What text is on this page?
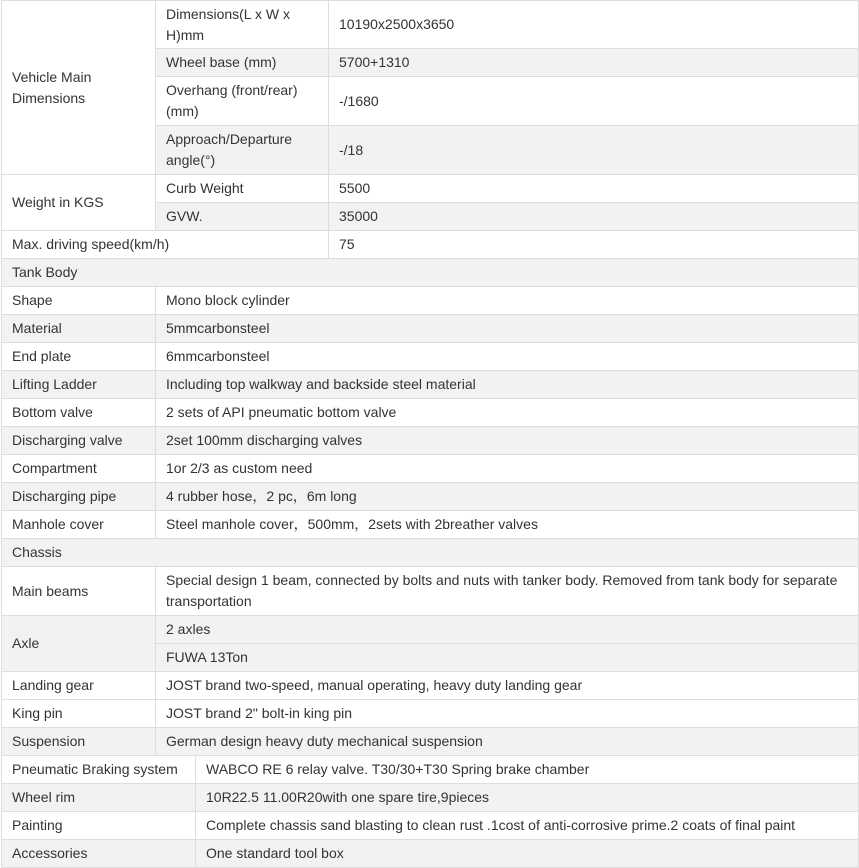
Vehicle Main Dimensions	Dimensions(L x W x H)mm		10190x2500x3650
	Wheel base (mm)		5700+1310
	Overhang (front/rear) (mm)		-/1680
	Approach/Departure angle(°)		-/18
Weight in KGS	Curb Weight		5500
	GVW.		35000
Max. driving speed(km/h)			75
Tank Body			
Shape	Mono block cylinder		
Material	5mmcarbonsteel		
End plate	6mmcarbonsteel		
Lifting Ladder	Including top walkway and backside steel material		
Bottom valve	2 sets of API pneumatic bottom valve		
Discharging valve	2set 100mm discharging valves		
Compartment	1or 2/3 as custom need		
Discharging pipe	4 rubber hose，2 pc，6m long		
Manhole cover	Steel manhole cover，500mm，2sets with 2breather valves		
Chassis			
Main beams	Special design 1 beam, connected by bolts and nuts with tanker body. Removed from tank body for separate transportation		
Axle	2 axles		
	FUWA 13Ton		
Landing gear	JOST brand two-speed, manual operating, heavy duty landing gear		
King pin	JOST brand 2" bolt-in king pin		
Suspension	German design heavy duty mechanical suspension		
Pneumatic Braking system		WABCO RE 6 relay valve. T30/30+T30 Spring brake chamber	
Wheel rim		10R22.5 11.00R20with one spare tire,9pieces	
Painting		Complete chassis sand blasting to clean rust .1cost of anti-corrosive prime.2 coats of final paint	
Accessories		One standard tool box	
